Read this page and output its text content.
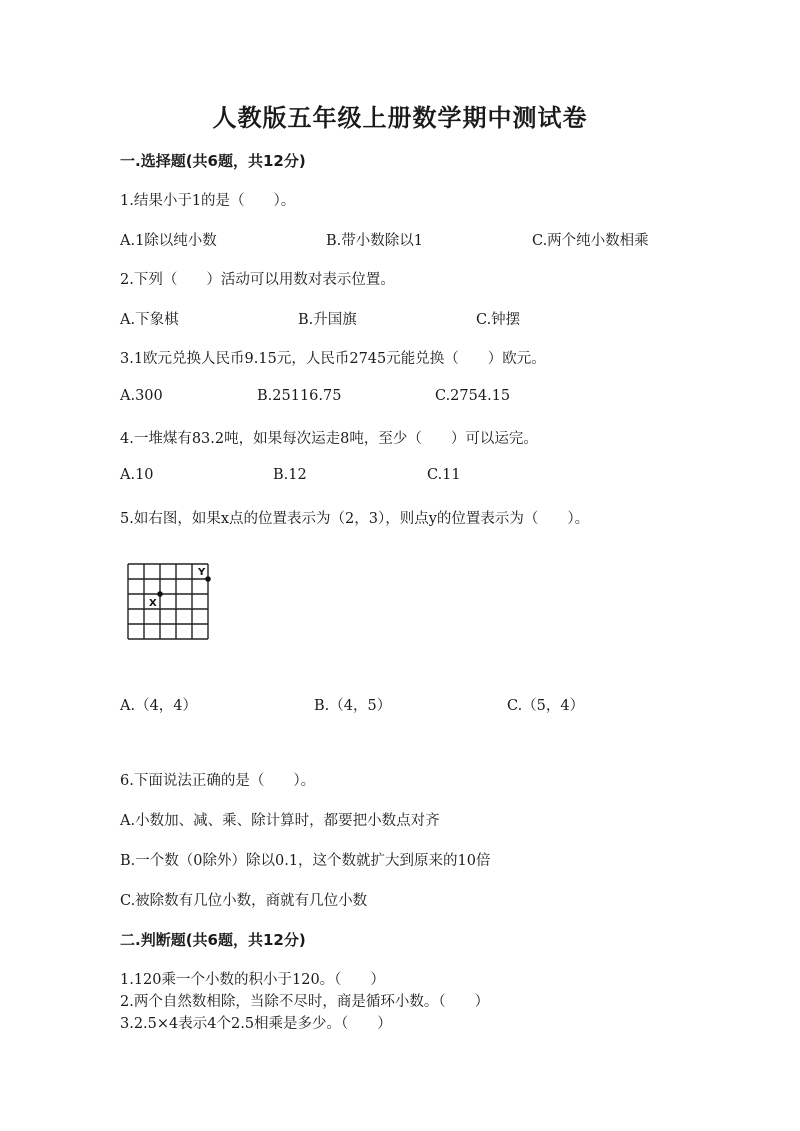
人教版五年级上册数学期中测试卷
一.选择题(共6题，共12分)
1.结果小于1的是（　　）。
A.1除以纯小数	B.带小数除以1	C.两个纯小数相乘
2.下列（　　）活动可以用数对表示位置。
A.下象棋	B.升国旗	C.钟摆
3.1欧元兑换人民币9.15元，人民币2745元能兑换（　　）欧元。
A.300	B.25116.75	C.2754.15
4.一堆煤有83.2吨，如果每次运走8吨，至少（　　）可以运完。
A.10	B.12	C.11
5.如右图，如果x点的位置表示为（2，3），则点y的位置表示为（　　）。
X
Y
A.（4，4）	B.（4，5）	C.（5，4）
6.下面说法正确的是（　　）。
A.小数加、减、乘、除计算时，都要把小数点对齐
B.一个数（0除外）除以0.1，这个数就扩大到原来的10倍
C.被除数有几位小数，商就有几位小数
二.判断题(共6题，共12分)
1.120乘一个小数的积小于120。（　　）
2.两个自然数相除，当除不尽时，商是循环小数。（　　）
3.2.5×4表示4个2.5相乘是多少。（　　）
